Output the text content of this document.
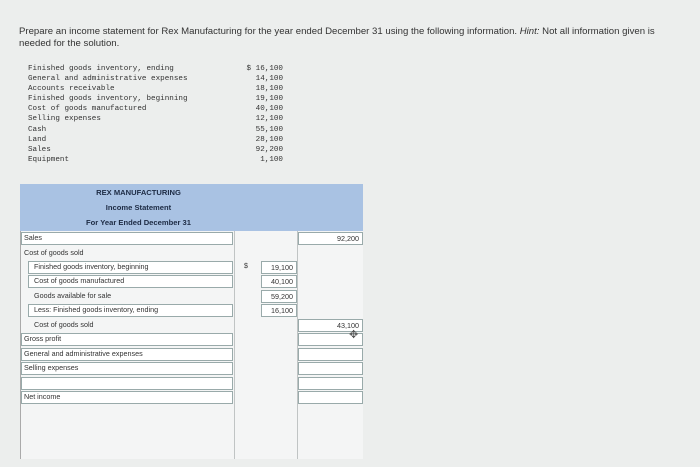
Prepare an income statement for Rex Manufacturing for the year ended December 31 using the following information. Hint: Not all information given is needed for the solution.
Finished goods inventory, ending	$ 16,100
General and administrative expenses	14,100
Accounts receivable	18,100
Finished goods inventory, beginning	19,100
Cost of goods manufactured	40,100
Selling expenses	12,100
Cash	55,100
Land	28,100
Sales	92,200
Equipment	1,100
REX MANUFACTURING
Income Statement
For Year Ended December 31
Sales	92,200
Cost of goods sold
Finished goods inventory, beginning	$	19,100
Cost of goods manufactured	40,100
Goods available for sale	59,200
Less: Finished goods inventory, ending	16,100
Cost of goods sold	43,100
Gross profit	✥
General and administrative expenses
Selling expenses
Net income
